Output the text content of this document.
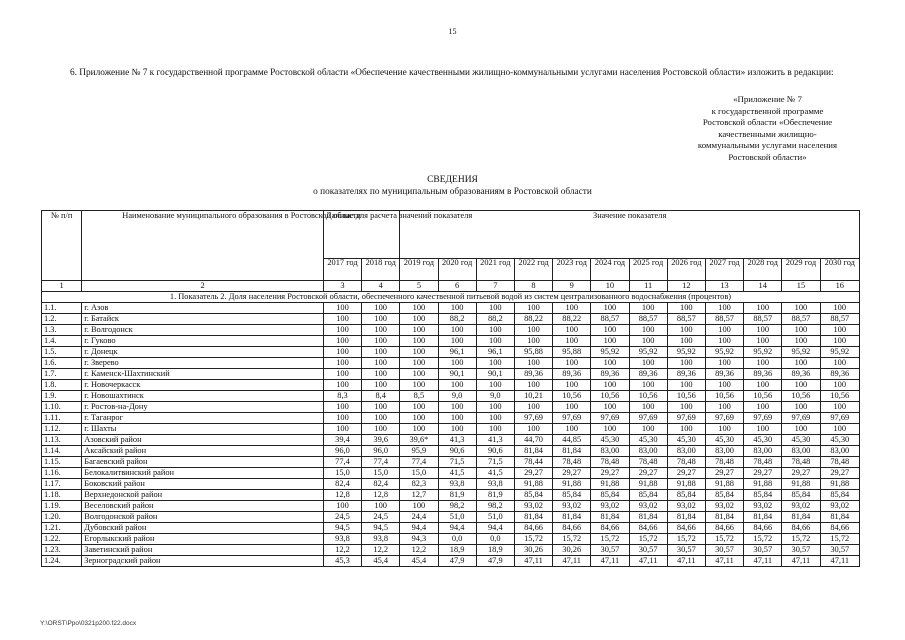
15
6. Приложение № 7 к государственной программе Ростовской области «Обеспечение качественными жилищно-коммунальными услугами населения Ростовской области» изложить в редакции:
«Приложение № 7
к государственной программе
Ростовской области «Обеспечение
качественными жилищно-
коммунальными услугами населения
Ростовской области»
СВЕДЕНИЯ
о показателях по муниципальным образованиям в Ростовской области
№ п/п	Наименование муниципального образования в Ростовской области	Данные для расчета значений показателя		Значение показателя											
		2017 год	2018 год	2019 год	2020 год	2021 год	2022 год	2023 год	2024 год	2025 год	2026 год	2027 год	2028 год	2029 год	2030 год
1	2	3	4	5	6	7	8	9	10	11	12	13	14	15	16
1. Показатель 2. Доля населения Ростовской области, обеспеченного качественной питьевой водой из систем централизованного водоснабжения (процентов)															
1.1.	г. Азов	100	100	100	100	100	100	100	100	100	100	100	100	100	100
1.2.	г. Батайск	100	100	100	88,2	88,2	88,22	88,22	88,57	88,57	88,57	88,57	88,57	88,57	88,57
1.3.	г. Волгодонск	100	100	100	100	100	100	100	100	100	100	100	100	100	100
1.4.	г. Гуково	100	100	100	100	100	100	100	100	100	100	100	100	100	100
1.5.	г. Донецк	100	100	100	96,1	96,1	95,88	95,88	95,92	95,92	95,92	95,92	95,92	95,92	95,92
1.6.	г. Зверево	100	100	100	100	100	100	100	100	100	100	100	100	100	100
1.7.	г. Каменск-Шахтинский	100	100	100	90,1	90,1	89,36	89,36	89,36	89,36	89,36	89,36	89,36	89,36	89,36
1.8.	г. Новочеркасск	100	100	100	100	100	100	100	100	100	100	100	100	100	100
1.9.	г. Новошахтинск	8,3	8,4	8,5	9,0	9,0	10,21	10,56	10,56	10,56	10,56	10,56	10,56	10,56	10,56
1.10.	г. Ростов-на-Дону	100	100	100	100	100	100	100	100	100	100	100	100	100	100
1.11.	г. Таганрог	100	100	100	100	100	97,69	97,69	97,69	97,69	97,69	97,69	97,69	97,69	97,69
1.12.	г. Шахты	100	100	100	100	100	100	100	100	100	100	100	100	100	100
1.13.	Азовский район	39,4	39,6	39,6*	41,3	41,3	44,70	44,85	45,30	45,30	45,30	45,30	45,30	45,30	45,30
1.14.	Аксайский район	96,0	96,0	95,9	90,6	90,6	81,84	81,84	83,00	83,00	83,00	83,00	83,00	83,00	83,00
1.15.	Багаевский район	77,4	77,4	77,4	71,5	71,5	78,44	78,48	78,48	78,48	78,48	78,48	78,48	78,48	78,48
1.16.	Белокалитвинский район	15,0	15,0	15,0	41,5	41,5	29,27	29,27	29,27	29,27	29,27	29,27	29,27	29,27	29,27
1.17.	Боковский район	82,4	82,4	82,3	93,8	93,8	91,88	91,88	91,88	91,88	91,88	91,88	91,88	91,88	91,88
1.18.	Верхнедонской район	12,8	12,8	12,7	81,9	81,9	85,84	85,84	85,84	85,84	85,84	85,84	85,84	85,84	85,84
1.19.	Веселовский район	100	100	100	98,2	98,2	93,02	93,02	93,02	93,02	93,02	93,02	93,02	93,02	93,02
1.20.	Волгодонской район	24,5	24,5	24,4	51,0	51,0	81,84	81,84	81,84	81,84	81,84	81,84	81,84	81,84	81,84
1.21.	Дубовский район	94,5	94,5	94,4	94,4	94,4	84,66	84,66	84,66	84,66	84,66	84,66	84,66	84,66	84,66
1.22.	Егорлыкский район	93,8	93,8	94,3	0,0	0,0	15,72	15,72	15,72	15,72	15,72	15,72	15,72	15,72	15,72
1.23.	Заветинский район	12,2	12,2	12,2	18,9	18,9	30,26	30,26	30,57	30,57	30,57	30,57	30,57	30,57	30,57
1.24.	Зерноградский район	45,3	45,4	45,4	47,9	47,9	47,11	47,11	47,11	47,11	47,11	47,11	47,11	47,11	47,11
Y:\ORST\Ppo\0321p200.f22.docx
